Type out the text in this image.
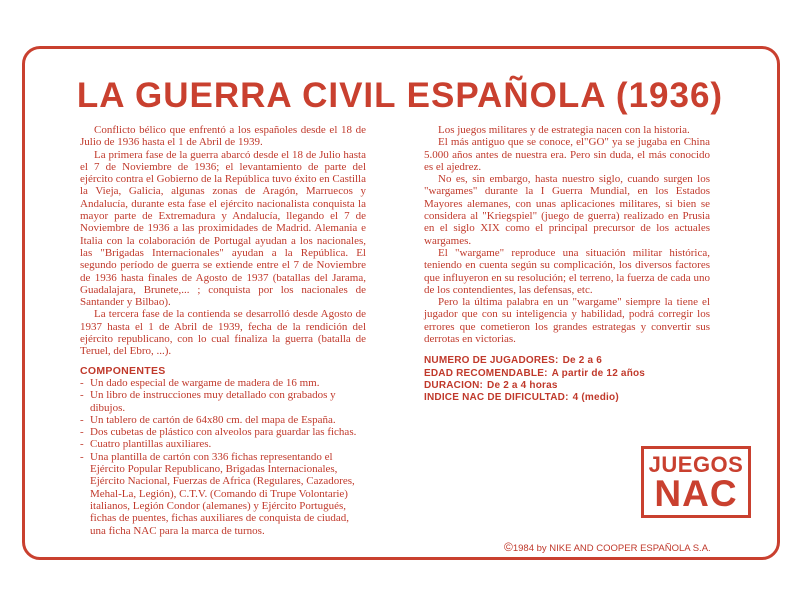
LA GUERRA CIVIL ESPAÑOLA (1936)

Conflicto bélico que enfrentó a los españoles desde el 18 de Julio de 1936 hasta el 1 de Abril de 1939.

La primera fase de la guerra abarcó desde el 18 de Julio hasta el 7 de Noviembre de 1936; el levantamiento de parte del ejército contra el Gobierno de la República tuvo éxito en Castilla la Vieja, Galicia, algunas zonas de Aragón, Marruecos y Andalucía, durante esta fase el ejército nacionalista conquista la mayor parte de Extremadura y Andalucía, llegando el 7 de Noviembre de 1936 a las proximidades de Madrid. Alemania e Italia con la colaboración de Portugal ayudan a los nacionales, las "Brigadas Internacionales" ayudan a la República. El segundo período de guerra se extiende entre el 7 de Noviembre de 1936 hasta finales de Agosto de 1937 (batallas del Jarama, Guadalajara, Brunete,... ; conquista por los nacionales de Santander y Bilbao).

La tercera fase de la contienda se desarrolló desde Agosto de 1937 hasta el 1 de Abril de 1939, fecha de la rendición del ejército republicano, con lo cual finaliza la guerra (batalla de Teruel, del Ebro, ...).

COMPONENTES
- Un dado especial de wargame de madera de 16 mm.
- Un libro de instrucciones muy detallado con grabados y dibujos.
- Un tablero de cartón de 64x80 cm. del mapa de España.
- Dos cubetas de plástico con alveolos para guardar las fichas.
- Cuatro plantillas auxiliares.
- Una plantilla de cartón con 336 fichas representando el Ejército Popular Republicano, Brigadas Internacionales, Ejército Nacional, Fuerzas de Africa (Regulares, Cazadores, Mehal-La, Legión), C.T.V. (Comando di Trupe Volontarie) italianos, Legión Condor (alemanes) y Ejército Portugués, fichas de puentes, fichas auxiliares de conquista de ciudad, una ficha NAC para la marca de turnos.

Los juegos militares y de estrategia nacen con la historia.

El más antiguo que se conoce, el"GO" ya se jugaba en China 5.000 años antes de nuestra era. Pero sin duda, el más conocido es el ajedrez.

No es, sin embargo, hasta nuestro siglo, cuando surgen los "wargames" durante la I Guerra Mundial, en los Estados Mayores alemanes, con unas aplicaciones militares, si bien se considera al "Kriegspiel" (juego de guerra) realizado en Prusia en el siglo XIX como el principal precursor de los actuales wargames.

El "wargame" reproduce una situación militar histórica, teniendo en cuenta según su complicación, los diversos factores que influyeron en su resolución; el terreno, la fuerza de cada uno de los contendientes, las defensas, etc.

Pero la última palabra en un "wargame" siempre la tiene el jugador que con su inteligencia y habilidad, podrá corregir los errores que cometieron los grandes estrategas y convertir sus derrotas en victorias.

NUMERO DE JUGADORES: De 2 a 6
EDAD RECOMENDABLE: A partir de 12 años
DURACION: De 2 a 4 horas
INDICE NAC DE DIFICULTAD: 4 (medio)
JUEGOS
NAC
©1984 by NIKE AND COOPER ESPAÑOLA S.A.
